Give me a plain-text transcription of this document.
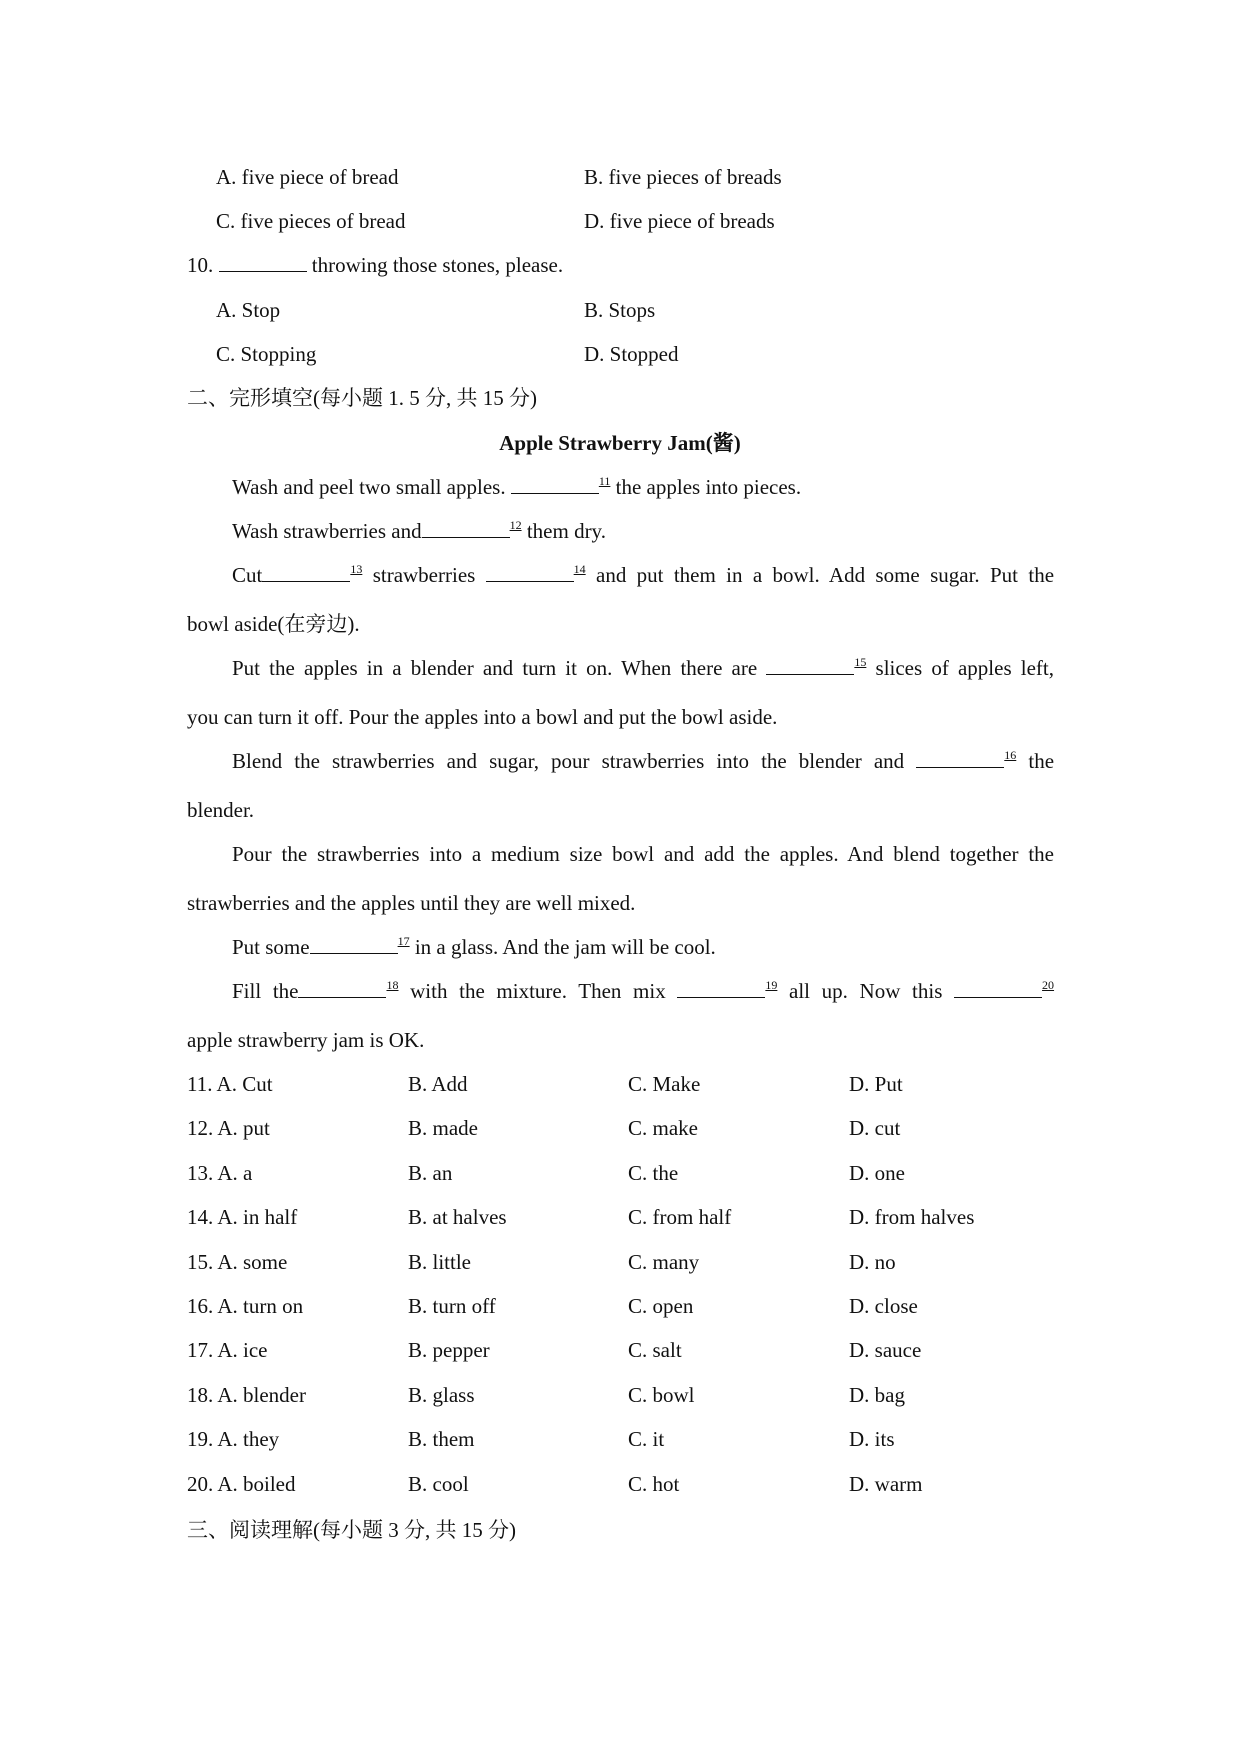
A. five piece of bread	B. five pieces of breads
C. five pieces of bread	D. five piece of breads
10.	throwing those stones, please.
A. Stop	B. Stops
C. Stopping	D. Stopped
二、完形填空(每小题 1. 5 分, 共 15 分)
Apple Strawberry Jam(酱)
Wash and peel two small apples.	$^{11}$ the apples into pieces.
Wash strawberries and	$^{12}$ them dry.
Cut	$^{13}$ strawberries	$^{14}$ and put them in a bowl. Add some sugar. Put the
bowl aside(在旁边).
Put the apples in a blender and turn it on. When there are	$^{15}$ slices of apples left,
you can turn it off. Pour the apples into a bowl and put the bowl aside.
Blend the strawberries and sugar, pour strawberries into the blender and	$^{16}$ the
blender.
Pour the strawberries into a medium size bowl and add the apples. And blend together the
strawberries and the apples until they are well mixed.
Put some	$^{17}$ in a glass. And the jam will be cool.
Fill the	$^{18}$ with the mixture. Then mix	$^{19}$ all up. Now this	$^{20}$
apple strawberry jam is OK.
11. A. Cut	B. Add	C. Make	D. Put
12. A. put	B. made	C. make	D. cut
13. A. a	B. an	C. the	D. one
14. A. in half	B. at halves	C. from half	D. from halves
15. A. some	B. little	C. many	D. no
16. A. turn on	B. turn off	C. open	D. close
17. A. ice	B. pepper	C. salt	D. sauce
18. A. blender	B. glass	C. bowl	D. bag
19. A. they	B. them	C. it	D. its
20. A. boiled	B. cool	C. hot	D. warm
三、阅读理解(每小题 3 分, 共 15 分)
